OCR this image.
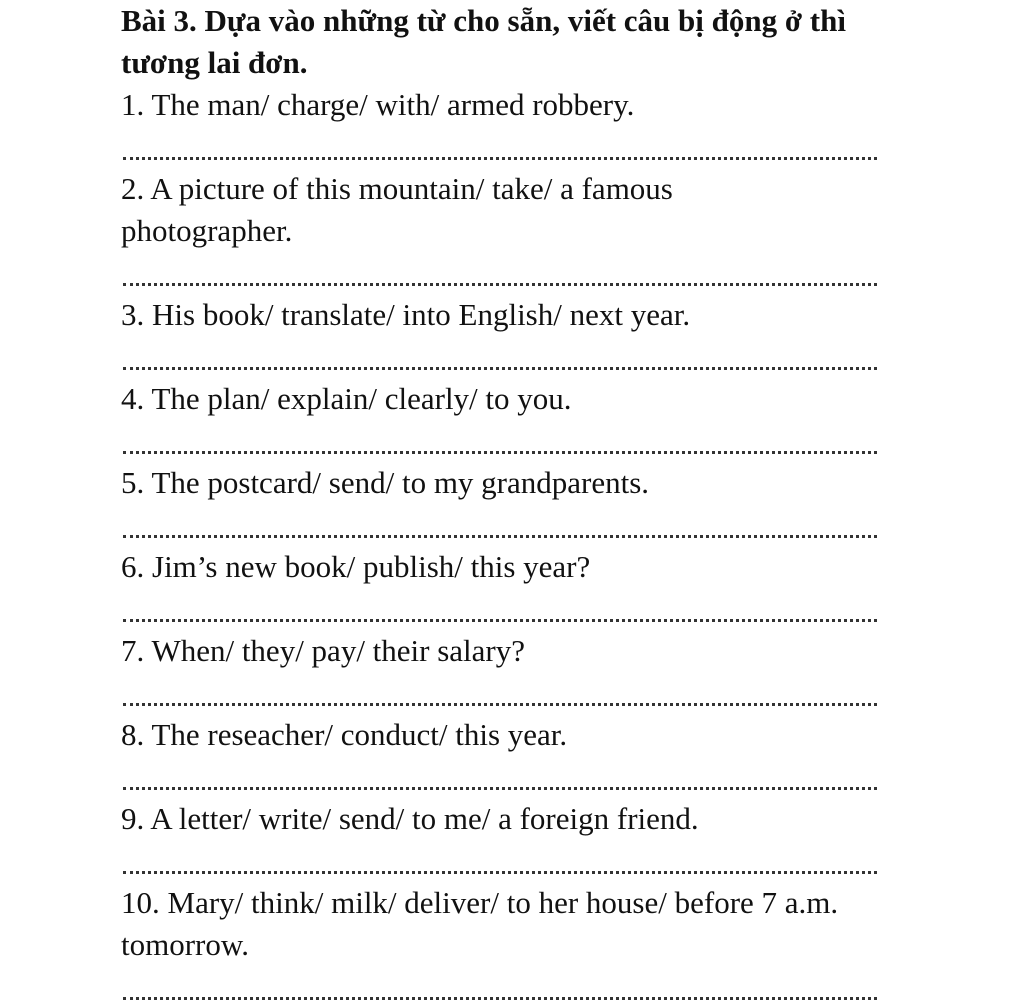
Bài 3. Dựa vào những từ cho sẵn, viết câu bị động ở thì tương lai đơn.

1. The man/ charge/ with/ armed robbery.

2. A picture of this mountain/ take/ a famous photographer.

3. His book/ translate/ into English/ next year.

4. The plan/ explain/ clearly/ to you.

5. The postcard/ send/ to my grandparents.

6. Jim’s new book/ publish/ this year?

7. When/ they/ pay/ their salary?

8. The reseacher/ conduct/ this year.

9. A letter/ write/ send/ to me/ a foreign friend.

10. Mary/ think/ milk/ deliver/ to her house/ before 7 a.m. tomorrow.
